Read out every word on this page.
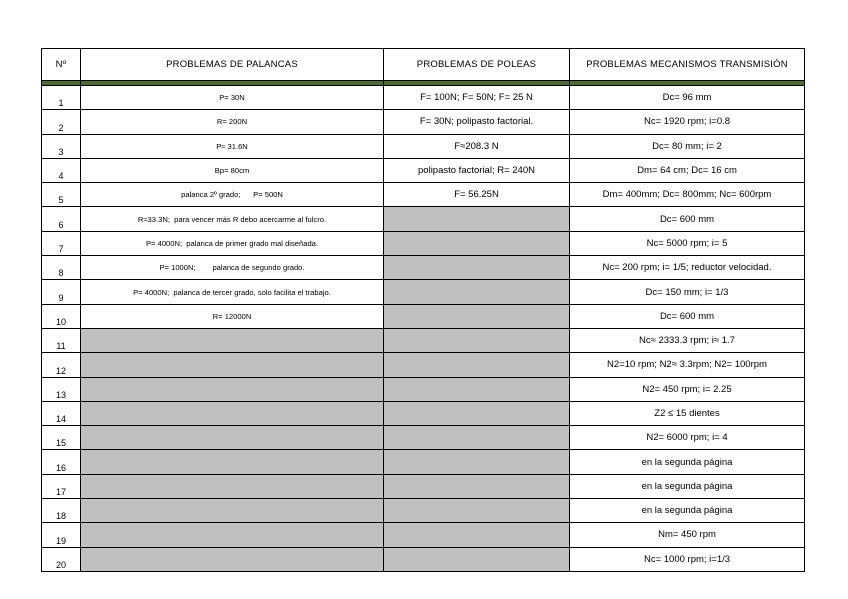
Nº	PROBLEMAS DE PALANCAS	PROBLEMAS DE POLEAS	PROBLEMAS MECANISMOS TRANSMISIÓN

1	P= 30N	F= 100N; F= 50N; F= 25 N	Dc= 96 mm
2	R= 200N	F= 30N; polipasto factorial.	Nc= 1920 rpm; i=0.8
3	P≈ 31.6N	F≈208.3 N	Dc= 80 mm; i= 2
4	Bp= 80cm	polipasto factorial; R= 240N	Dm= 64 cm; Dc= 16 cm
5	palanca 2º grado;      P= 500N	F= 56.25N	Dm= 400mm; Dc= 800mm; Nc= 600rpm
6	R≈33.3N;  para vencer más R debo acercarme al fulcro.		Dc= 600 mm
7	P= 4000N;  palanca de primer grado mal diseñada.		Nc= 5000 rpm; i= 5
8	P= 1000N;        palanca de segundo grado.		Nc= 200 rpm; i= 1/5; reductor velocidad.
9	P= 4000N;  palanca de tercer grado, solo facilita el trabajo.		Dc= 150 mm; i= 1/3
10	R= 12000N		Dc= 600 mm
11			Nc≈ 2333.3 rpm; i≈ 1.7
12			N2=10 rpm; N2≈ 3.3rpm; N2= 100rpm
13			N2= 450 rpm; i= 2.25
14			Z2 ≤ 15 dientes
15			N2= 6000 rpm; i= 4
16			en la segunda página
17			en la segunda página
18			en la segunda página
19			Nm= 450 rpm
20			Nc= 1000 rpm; i=1/3
